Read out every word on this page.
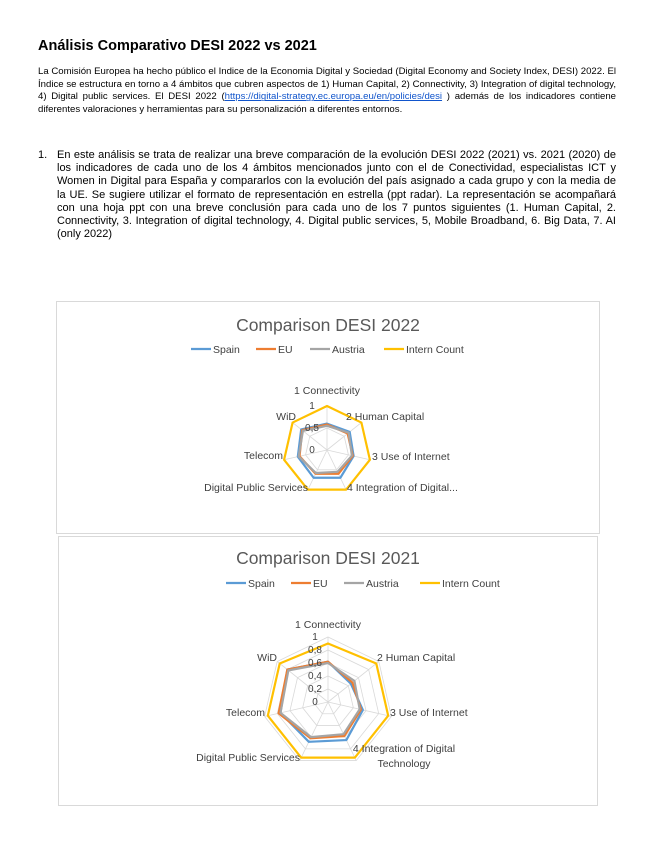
Análisis Comparativo DESI 2022 vs 2021

La Comisión Europea ha hecho público el Indice de la Economia Digital y Sociedad (Digital Economy and Society Index, DESI) 2022. El Índice se estructura en torno a 4 ámbitos que cubren aspectos de 1) Human Capital, 2) Connectivity, 3) Integration of digital technology, 4) Digital public services. El DESI 2022 (https://digital-strategy.ec.europa.eu/en/policies/desi ) además de los indicadores contiene diferentes valoraciones y herramientas para su personalización a diferentes entornos.

1. En este análisis se trata de realizar una breve comparación de la evolución DESI 2022 (2021) vs. 2021 (2020) de los indicadores de cada uno de los 4 ámbitos mencionados junto con el de Conectividad, especialistas ICT y Women in Digital para España y compararlos con la evolución del país asignado a cada grupo y con la media de la UE. Se sugiere utilizar el formato de representación en estrella (ppt radar). La representación se acompañará con una hoja ppt con una breve conclusión para cada uno de los 7 puntos siguientes (1. Human Capital, 2. Connectivity, 3. Integration of digital technology, 4. Digital public services, 5, Mobile Broadband, 6. Big Data, 7. AI (only 2022)
Comparison DESI 2022
Spain	EU	Austria	Intern Count
0
0,5
1
1 Connectivity
2 Human Capital
3 Use of Internet
4 Integration of Digital...
Digital Public Services
Telecom
WiD
Comparison DESI 2021
Spain	EU	Austria	Intern Count
0
0,2
0,4
0,6
0,8
1
1 Connectivity
2 Human Capital
3 Use of Internet
4 Integration of Digital Technology
Digital Public Services
Telecom
WiD
